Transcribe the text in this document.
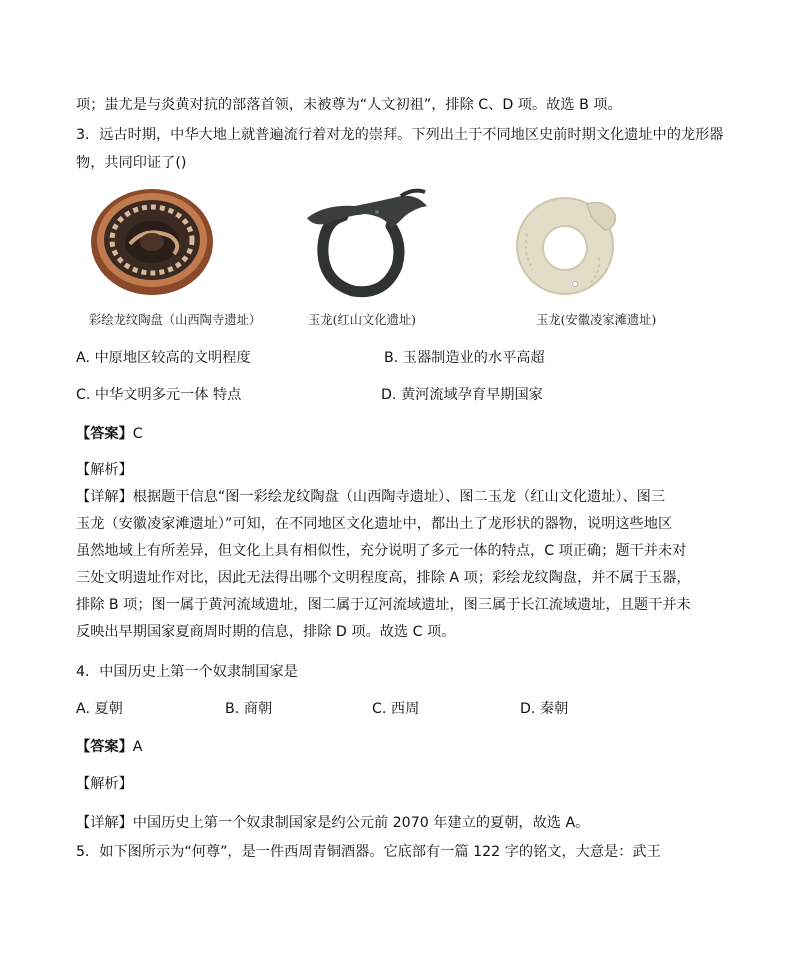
项；蚩尤是与炎黄对抗的部落首领，未被尊为“人文初祖”，排除 C、D 项。故选 B 项。
3．远古时期，中华大地上就普遍流行着对龙的崇拜。下列出土于不同地区史前时期文化遗址中的龙形器
物，共同印证了()
彩绘龙纹陶盘（山西陶寺遗址）	玉龙(红山文化遗址)	玉龙(安徽凌家滩遗址)
A. 中原地区较高的文明程度	B. 玉器制造业的水平高超
C. 中华文明多元一体 特点	D. 黄河流域孕育早期国家
【答案】C
【解析】
【详解】根据题干信息“图一彩绘龙纹陶盘（山西陶寺遗址）、图二玉龙（红山文化遗址）、图三
玉龙（安徽凌家滩遗址）”可知，在不同地区文化遗址中，都出土了龙形状的器物，说明这些地区
虽然地域上有所差异，但文化上具有相似性，充分说明了多元一体的特点，C 项正确；题干并未对
三处文明遗址作对比，因此无法得出哪个文明程度高，排除 A 项；彩绘龙纹陶盘，并不属于玉器，
排除 B 项；图一属于黄河流域遗址，图二属于辽河流域遗址，图三属于长江流域遗址，且题干并未
反映出早期国家夏商周时期的信息，排除 D 项。故选 C 项。
4．中国历史上第一个奴隶制国家是
A. 夏朝	B. 商朝	C. 西周	D. 秦朝
【答案】A
【解析】
【详解】中国历史上第一个奴隶制国家是约公元前 2070 年建立的夏朝，故选 A。
5．如下图所示为“何尊”，是一件西周青铜酒器。它底部有一篇 122 字的铭文，大意是：武王
